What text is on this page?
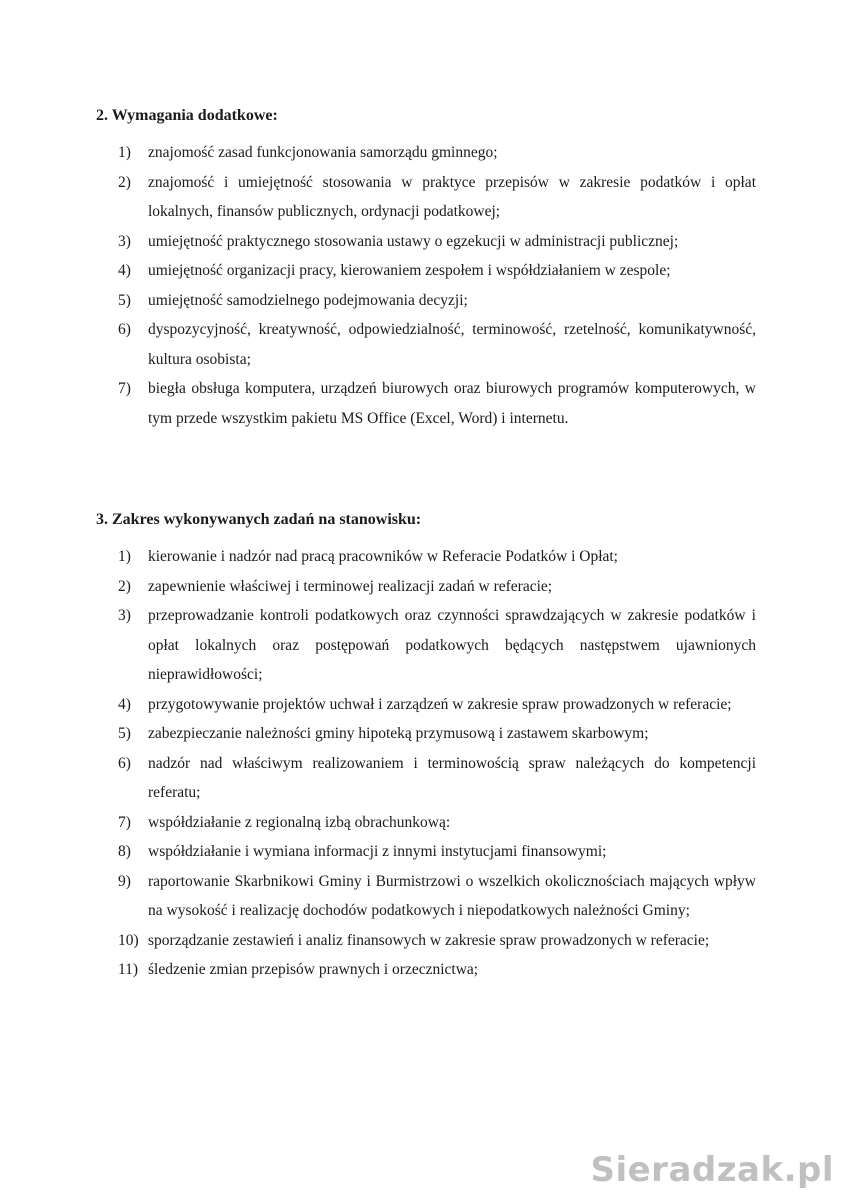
2. Wymagania dodatkowe:
1)	znajomość zasad funkcjonowania samorządu gminnego;
2)	znajomość i umiejętność stosowania w praktyce przepisów w zakresie podatków i opłat lokalnych, finansów publicznych, ordynacji podatkowej;
3)	umiejętność praktycznego stosowania ustawy o egzekucji w administracji publicznej;
4)	umiejętność organizacji pracy, kierowaniem zespołem i współdziałaniem w zespole;
5)	umiejętność samodzielnego podejmowania decyzji;
6)	dyspozycyjność, kreatywność, odpowiedzialność, terminowość, rzetelność, komunikatywność, kultura osobista;
7)	biegła obsługa komputera, urządzeń biurowych oraz biurowych programów komputerowych, w tym przede wszystkim pakietu MS Office (Excel, Word) i internetu.
3. Zakres wykonywanych zadań na stanowisku:
1)	kierowanie i nadzór nad pracą pracowników w Referacie Podatków i Opłat;
2)	zapewnienie właściwej i terminowej realizacji zadań w referacie;
3)	przeprowadzanie kontroli podatkowych oraz czynności sprawdzających w zakresie podatków i opłat lokalnych oraz postępowań podatkowych będących następstwem ujawnionych nieprawidłowości;
4)	przygotowywanie projektów uchwał i zarządzeń w zakresie spraw prowadzonych w referacie;
5)	zabezpieczanie należności gminy hipoteką przymusową i zastawem skarbowym;
6)	nadzór nad właściwym realizowaniem i terminowością spraw należących do kompetencji referatu;
7)	współdziałanie z regionalną izbą obrachunkową:
8)	współdziałanie i wymiana informacji z innymi instytucjami finansowymi;
9)	raportowanie Skarbnikowi Gminy i Burmistrzowi o wszelkich okolicznościach mających wpływ na wysokość i realizację dochodów podatkowych i niepodatkowych należności Gminy;
10) sporządzanie zestawień i analiz finansowych w zakresie spraw prowadzonych w referacie;
11) śledzenie zmian przepisów prawnych i orzecznictwa;
Sieradzak.pl
